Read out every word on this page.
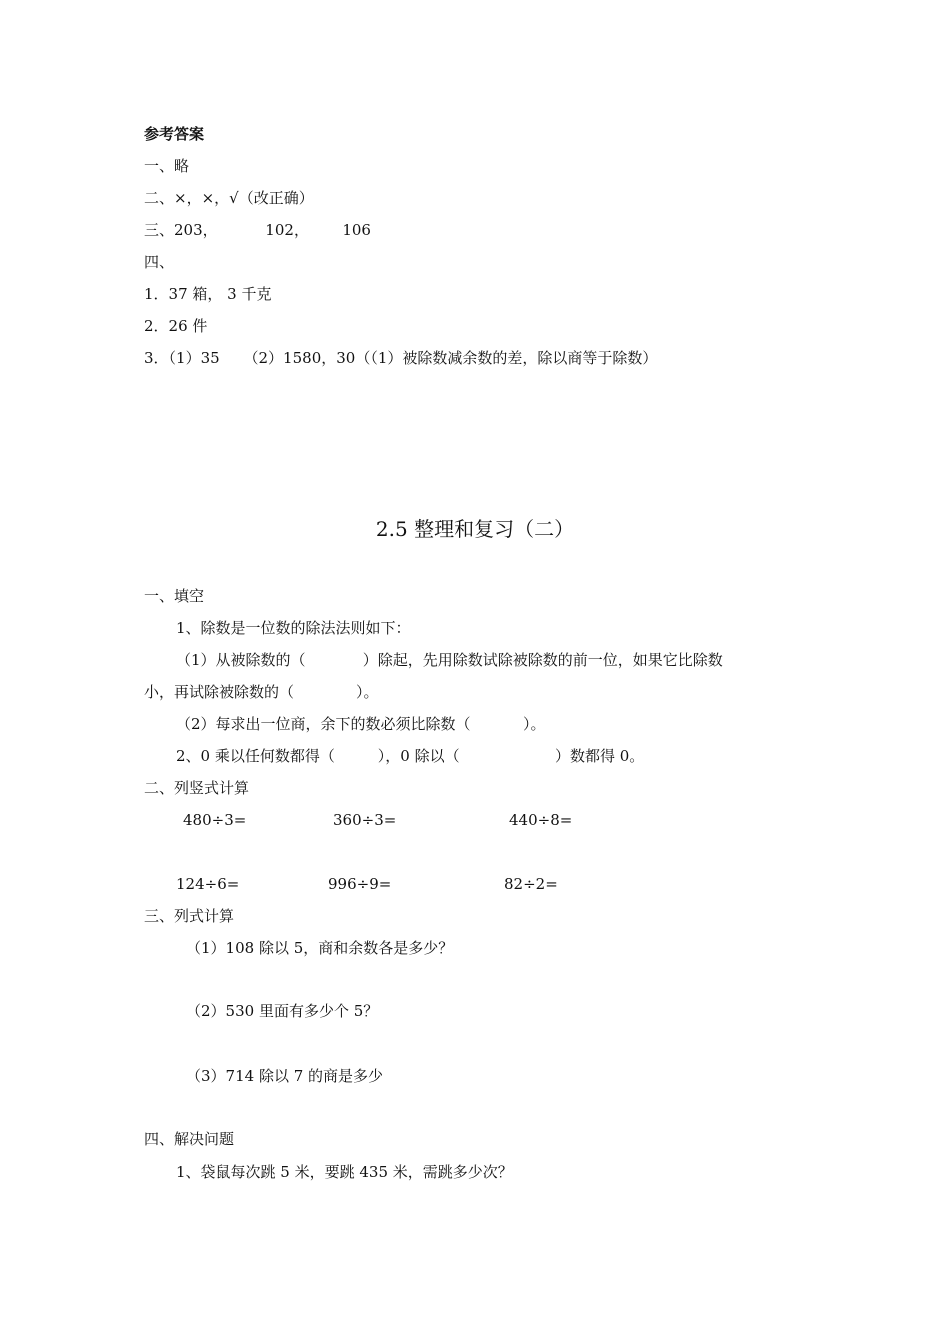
参考答案
一、略
二、×，×，√（改正确）
三、203，          102，       106
四、
1．37 箱， 3 千克
2．26 件
3．（1）35     （2）1580，30（（1）被除数减余数的差，除以商等于除数）
2.5 整理和复习（二）
一、填空
1、除数是一位数的除法法则如下：
（1）从被除数的（            ）除起，先用除数试除被除数的前一位，如果它比除数
小，再试除被除数的（             ）。
（2）每求出一位商，余下的数必须比除数（           ）。
2、0 乘以任何数都得（         ），0 除以（                    ）数都得 0。
二、列竖式计算
480÷3=	360÷3=	440÷8=
124÷6=	996÷9=	82÷2=
三、列式计算
（1）108 除以 5，商和余数各是多少？
（2）530 里面有多少个 5？
（3）714 除以 7 的商是多少
四、解决问题
1、袋鼠每次跳 5 米，要跳 435 米，需跳多少次？
